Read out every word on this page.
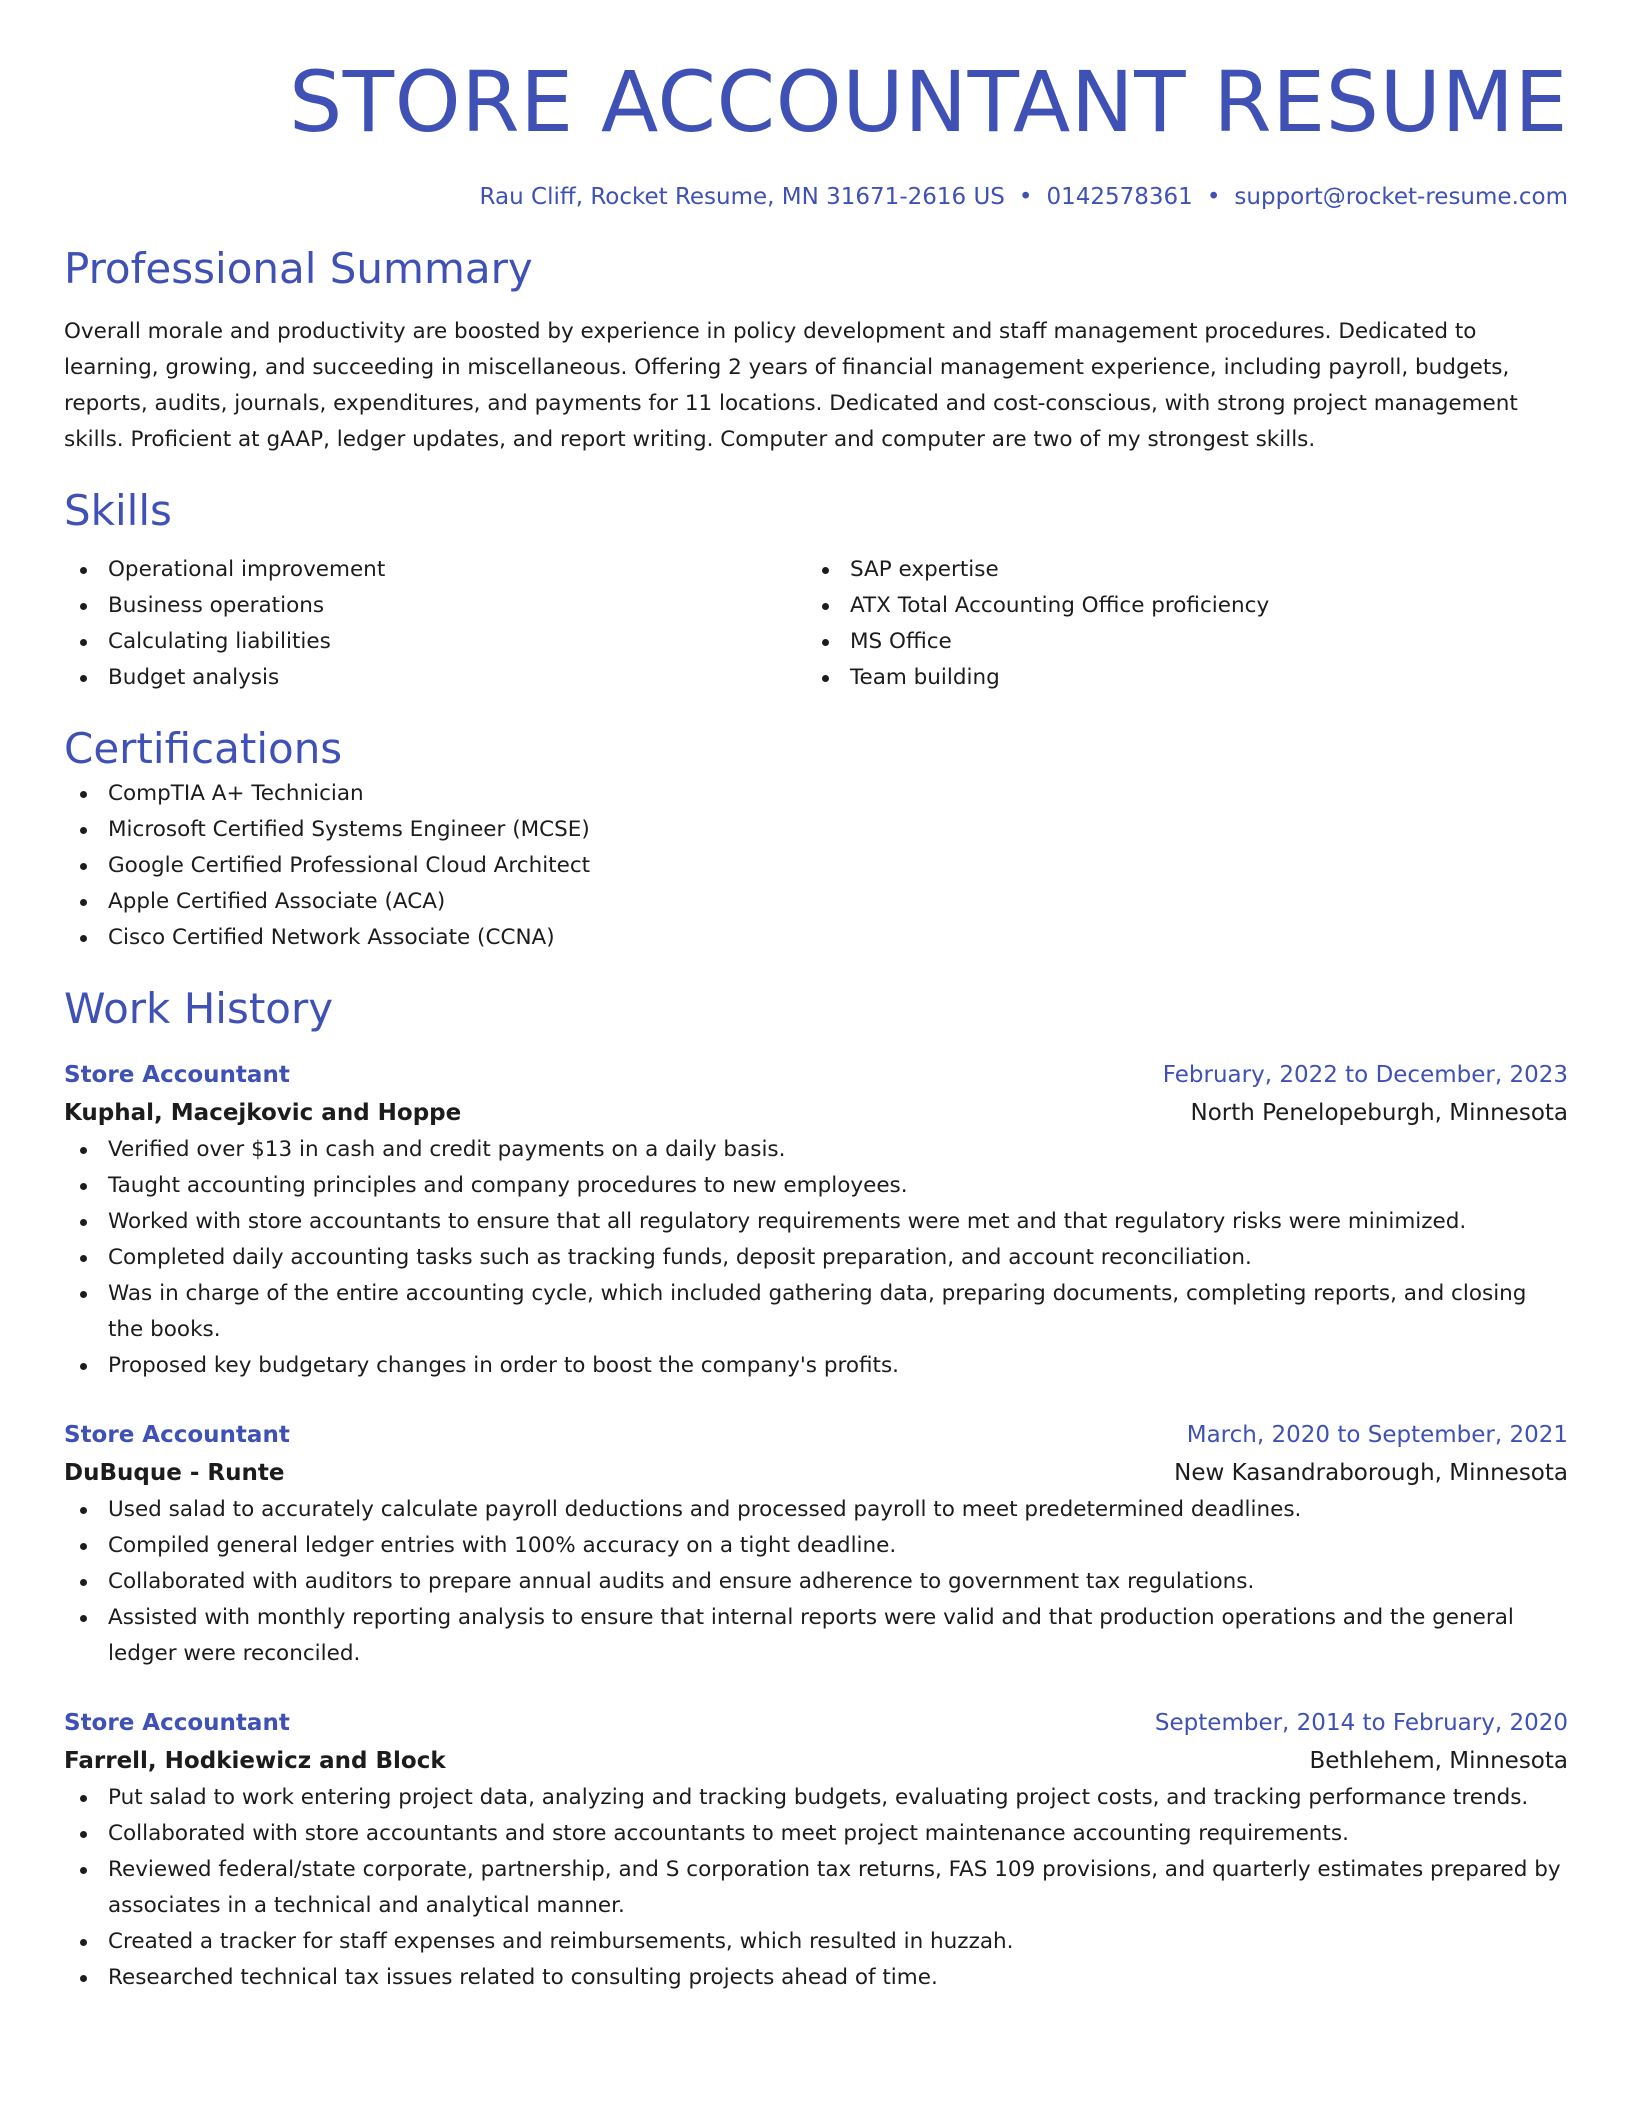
STORE ACCOUNTANT RESUME
Rau Cliff, Rocket Resume, MN 31671-2616 US • 0142578361 • support@rocket-resume.com
Professional Summary

Overall morale and productivity are boosted by experience in policy development and staff management procedures. Dedicated to learning, growing, and succeeding in miscellaneous. Offering 2 years of financial management experience, including payroll, budgets, reports, audits, journals, expenditures, and payments for 11 locations. Dedicated and cost-conscious, with strong project management skills. Proficient at gAAP, ledger updates, and report writing. Computer and computer are two of my strongest skills.

Skills
Operational improvement
Business operations
Calculating liabilities
Budget analysis
SAP expertise
ATX Total Accounting Office proficiency
MS Office
Team building
Certifications
CompTIA A+ Technician
Microsoft Certified Systems Engineer (MCSE)
Google Certified Professional Cloud Architect
Apple Certified Associate (ACA)
Cisco Certified Network Associate (CCNA)
Work History
Store Accountant	February, 2022 to December, 2023
Kuphal, Macejkovic and Hoppe	North Penelopeburgh, Minnesota
Verified over $13 in cash and credit payments on a daily basis.
Taught accounting principles and company procedures to new employees.
Worked with store accountants to ensure that all regulatory requirements were met and that regulatory risks were minimized.
Completed daily accounting tasks such as tracking funds, deposit preparation, and account reconciliation.
Was in charge of the entire accounting cycle, which included gathering data, preparing documents, completing reports, and closing the books.
Proposed key budgetary changes in order to boost the company's profits.
Store Accountant	March, 2020 to September, 2021
DuBuque - Runte	New Kasandraborough, Minnesota
Used salad to accurately calculate payroll deductions and processed payroll to meet predetermined deadlines.
Compiled general ledger entries with 100% accuracy on a tight deadline.
Collaborated with auditors to prepare annual audits and ensure adherence to government tax regulations.
Assisted with monthly reporting analysis to ensure that internal reports were valid and that production operations and the general ledger were reconciled.
Store Accountant	September, 2014 to February, 2020
Farrell, Hodkiewicz and Block	Bethlehem, Minnesota
Put salad to work entering project data, analyzing and tracking budgets, evaluating project costs, and tracking performance trends.
Collaborated with store accountants and store accountants to meet project maintenance accounting requirements.
Reviewed federal/state corporate, partnership, and S corporation tax returns, FAS 109 provisions, and quarterly estimates prepared by associates in a technical and analytical manner.
Created a tracker for staff expenses and reimbursements, which resulted in huzzah.
Researched technical tax issues related to consulting projects ahead of time.
